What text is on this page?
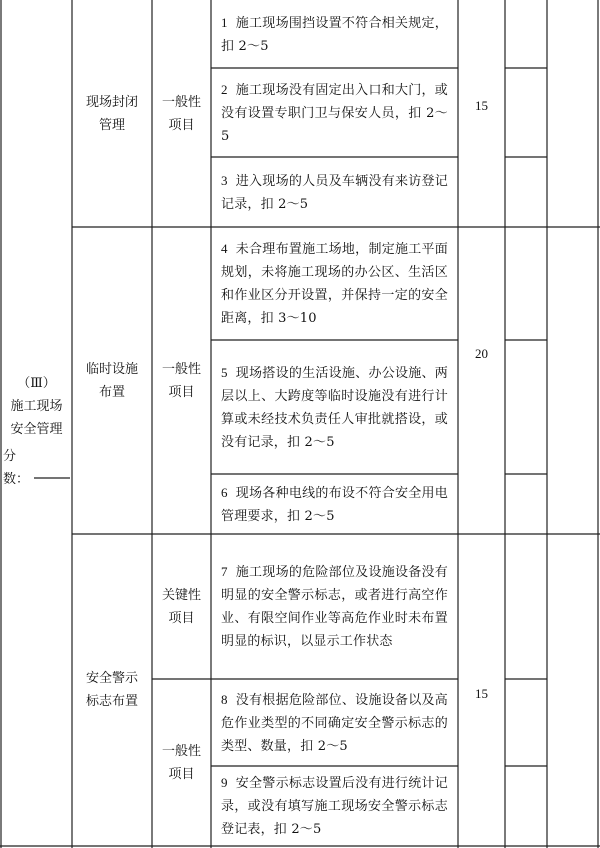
（Ⅲ）
施工现场
安全管理
分数：
现场封闭
管理
临时设施
布置
安全警示
标志布置
一般性
项目
一般性
项目
关键性
项目
一般性
项目
1 施工现场围挡设置不符合相关规定，扣 2～5
2 施工现场没有固定出入口和大门，或没有设置专职门卫与保安人员，扣 2～5
3 进入现场的人员及车辆没有来访登记记录，扣 2～5
4 未合理布置施工场地，制定施工平面规划，未将施工现场的办公区、生活区和作业区分开设置，并保持一定的安全距离，扣 3～10
5 现场搭设的生活设施、办公设施、两层以上、大跨度等临时设施没有进行计算或未经技术负责任人审批就搭设，或没有记录，扣 2～5
6 现场各种电线的布设不符合安全用电管理要求，扣 2～5
7 施工现场的危险部位及设施设备没有明显的安全警示标志，或者进行高空作业、有限空间作业等高危作业时未布置明显的标识，以显示工作状态
8 没有根据危险部位、设施设备以及高危作业类型的不同确定安全警示标志的类型、数量，扣 2～5
9 安全警示标志设置后没有进行统计记录，或没有填写施工现场安全警示标志登记表，扣 2～5
15
20
15
